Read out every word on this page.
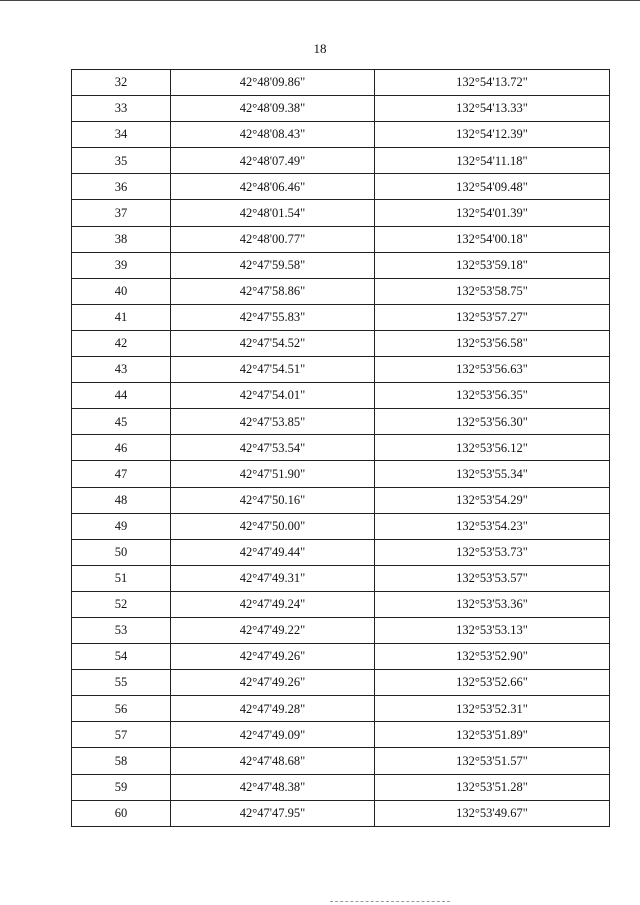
18
32	42°48'09.86"	132°54'13.72"
33	42°48'09.38"	132°54'13.33"
34	42°48'08.43"	132°54'12.39"
35	42°48'07.49"	132°54'11.18"
36	42°48'06.46"	132°54'09.48"
37	42°48'01.54"	132°54'01.39"
38	42°48'00.77"	132°54'00.18"
39	42°47'59.58"	132°53'59.18"
40	42°47'58.86"	132°53'58.75"
41	42°47'55.83"	132°53'57.27"
42	42°47'54.52"	132°53'56.58"
43	42°47'54.51"	132°53'56.63"
44	42°47'54.01"	132°53'56.35"
45	42°47'53.85"	132°53'56.30"
46	42°47'53.54"	132°53'56.12"
47	42°47'51.90"	132°53'55.34"
48	42°47'50.16"	132°53'54.29"
49	42°47'50.00"	132°53'54.23"
50	42°47'49.44"	132°53'53.73"
51	42°47'49.31"	132°53'53.57"
52	42°47'49.24"	132°53'53.36"
53	42°47'49.22"	132°53'53.13"
54	42°47'49.26"	132°53'52.90"
55	42°47'49.26"	132°53'52.66"
56	42°47'49.28"	132°53'52.31"
57	42°47'49.09"	132°53'51.89"
58	42°47'48.68"	132°53'51.57"
59	42°47'48.38"	132°53'51.28"
60	42°47'47.95"	132°53'49.67"
